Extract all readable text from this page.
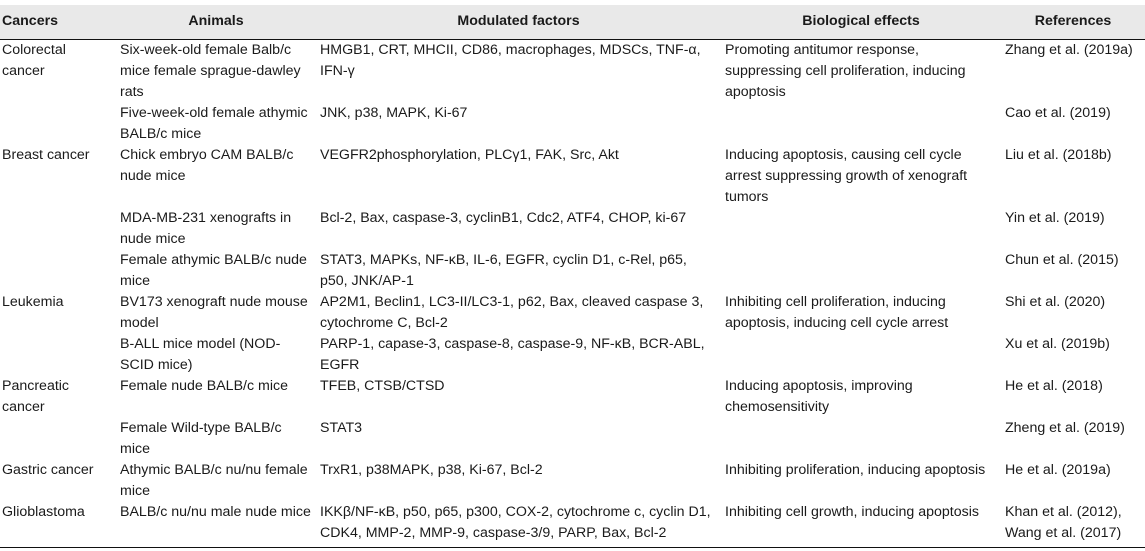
Cancers	Animals	Modulated factors	Biological effects	References
Colorectal cancer	Six-week-old female Balb/c mice female sprague-dawley rats	HMGB1, CRT, MHCII, CD86, macrophages, MDSCs, TNF-α, IFN-γ	Promoting antitumor response, suppressing cell proliferation, inducing apoptosis	Zhang et al. (2019a)
	Five-week-old female athymic BALB/c mice	JNK, p38, MAPK, Ki-67		Cao et al. (2019)
Breast cancer	Chick embryo CAM BALB/c nude mice	VEGFR2phosphorylation, PLCγ1, FAK, Src, Akt	Inducing apoptosis, causing cell cycle arrest suppressing growth of xenograft tumors	Liu et al. (2018b)
	MDA-MB-231 xenografts in nude mice	Bcl-2, Bax, caspase-3, cyclinB1, Cdc2, ATF4, CHOP, ki-67		Yin et al. (2019)
	Female athymic BALB/c nude mice	STAT3, MAPKs, NF-κB, IL-6, EGFR, cyclin D1, c-Rel, p65, p50, JNK/AP-1		Chun et al. (2015)
Leukemia	BV173 xenograft nude mouse model	AP2M1, Beclin1, LC3-II/LC3-1, p62, Bax, cleaved caspase 3, cytochrome C, Bcl-2	Inhibiting cell proliferation, inducing apoptosis, inducing cell cycle arrest	Shi et al. (2020)
	B-ALL mice model (NOD-SCID mice)	PARP-1, capase-3, caspase-8, caspase-9, NF-κB, BCR-ABL, EGFR		Xu et al. (2019b)
Pancreatic cancer	Female nude BALB/c mice	TFEB, CTSB/CTSD	Inducing apoptosis, improving chemosensitivity	He et al. (2018)
	Female Wild-type BALB/c mice	STAT3		Zheng et al. (2019)
Gastric cancer	Athymic BALB/c nu/nu female mice	TrxR1, p38MAPK, p38, Ki-67, Bcl-2	Inhibiting proliferation, inducing apoptosis	He et al. (2019a)
Glioblastoma	BALB/c nu/nu male nude mice	IKKβ/NF-κB, p50, p65, p300, COX-2, cytochrome c, cyclin D1, CDK4, MMP-2, MMP-9, caspase-3/9, PARP, Bax, Bcl-2	Inhibiting cell growth, inducing apoptosis	Khan et al. (2012), Wang et al. (2017)
